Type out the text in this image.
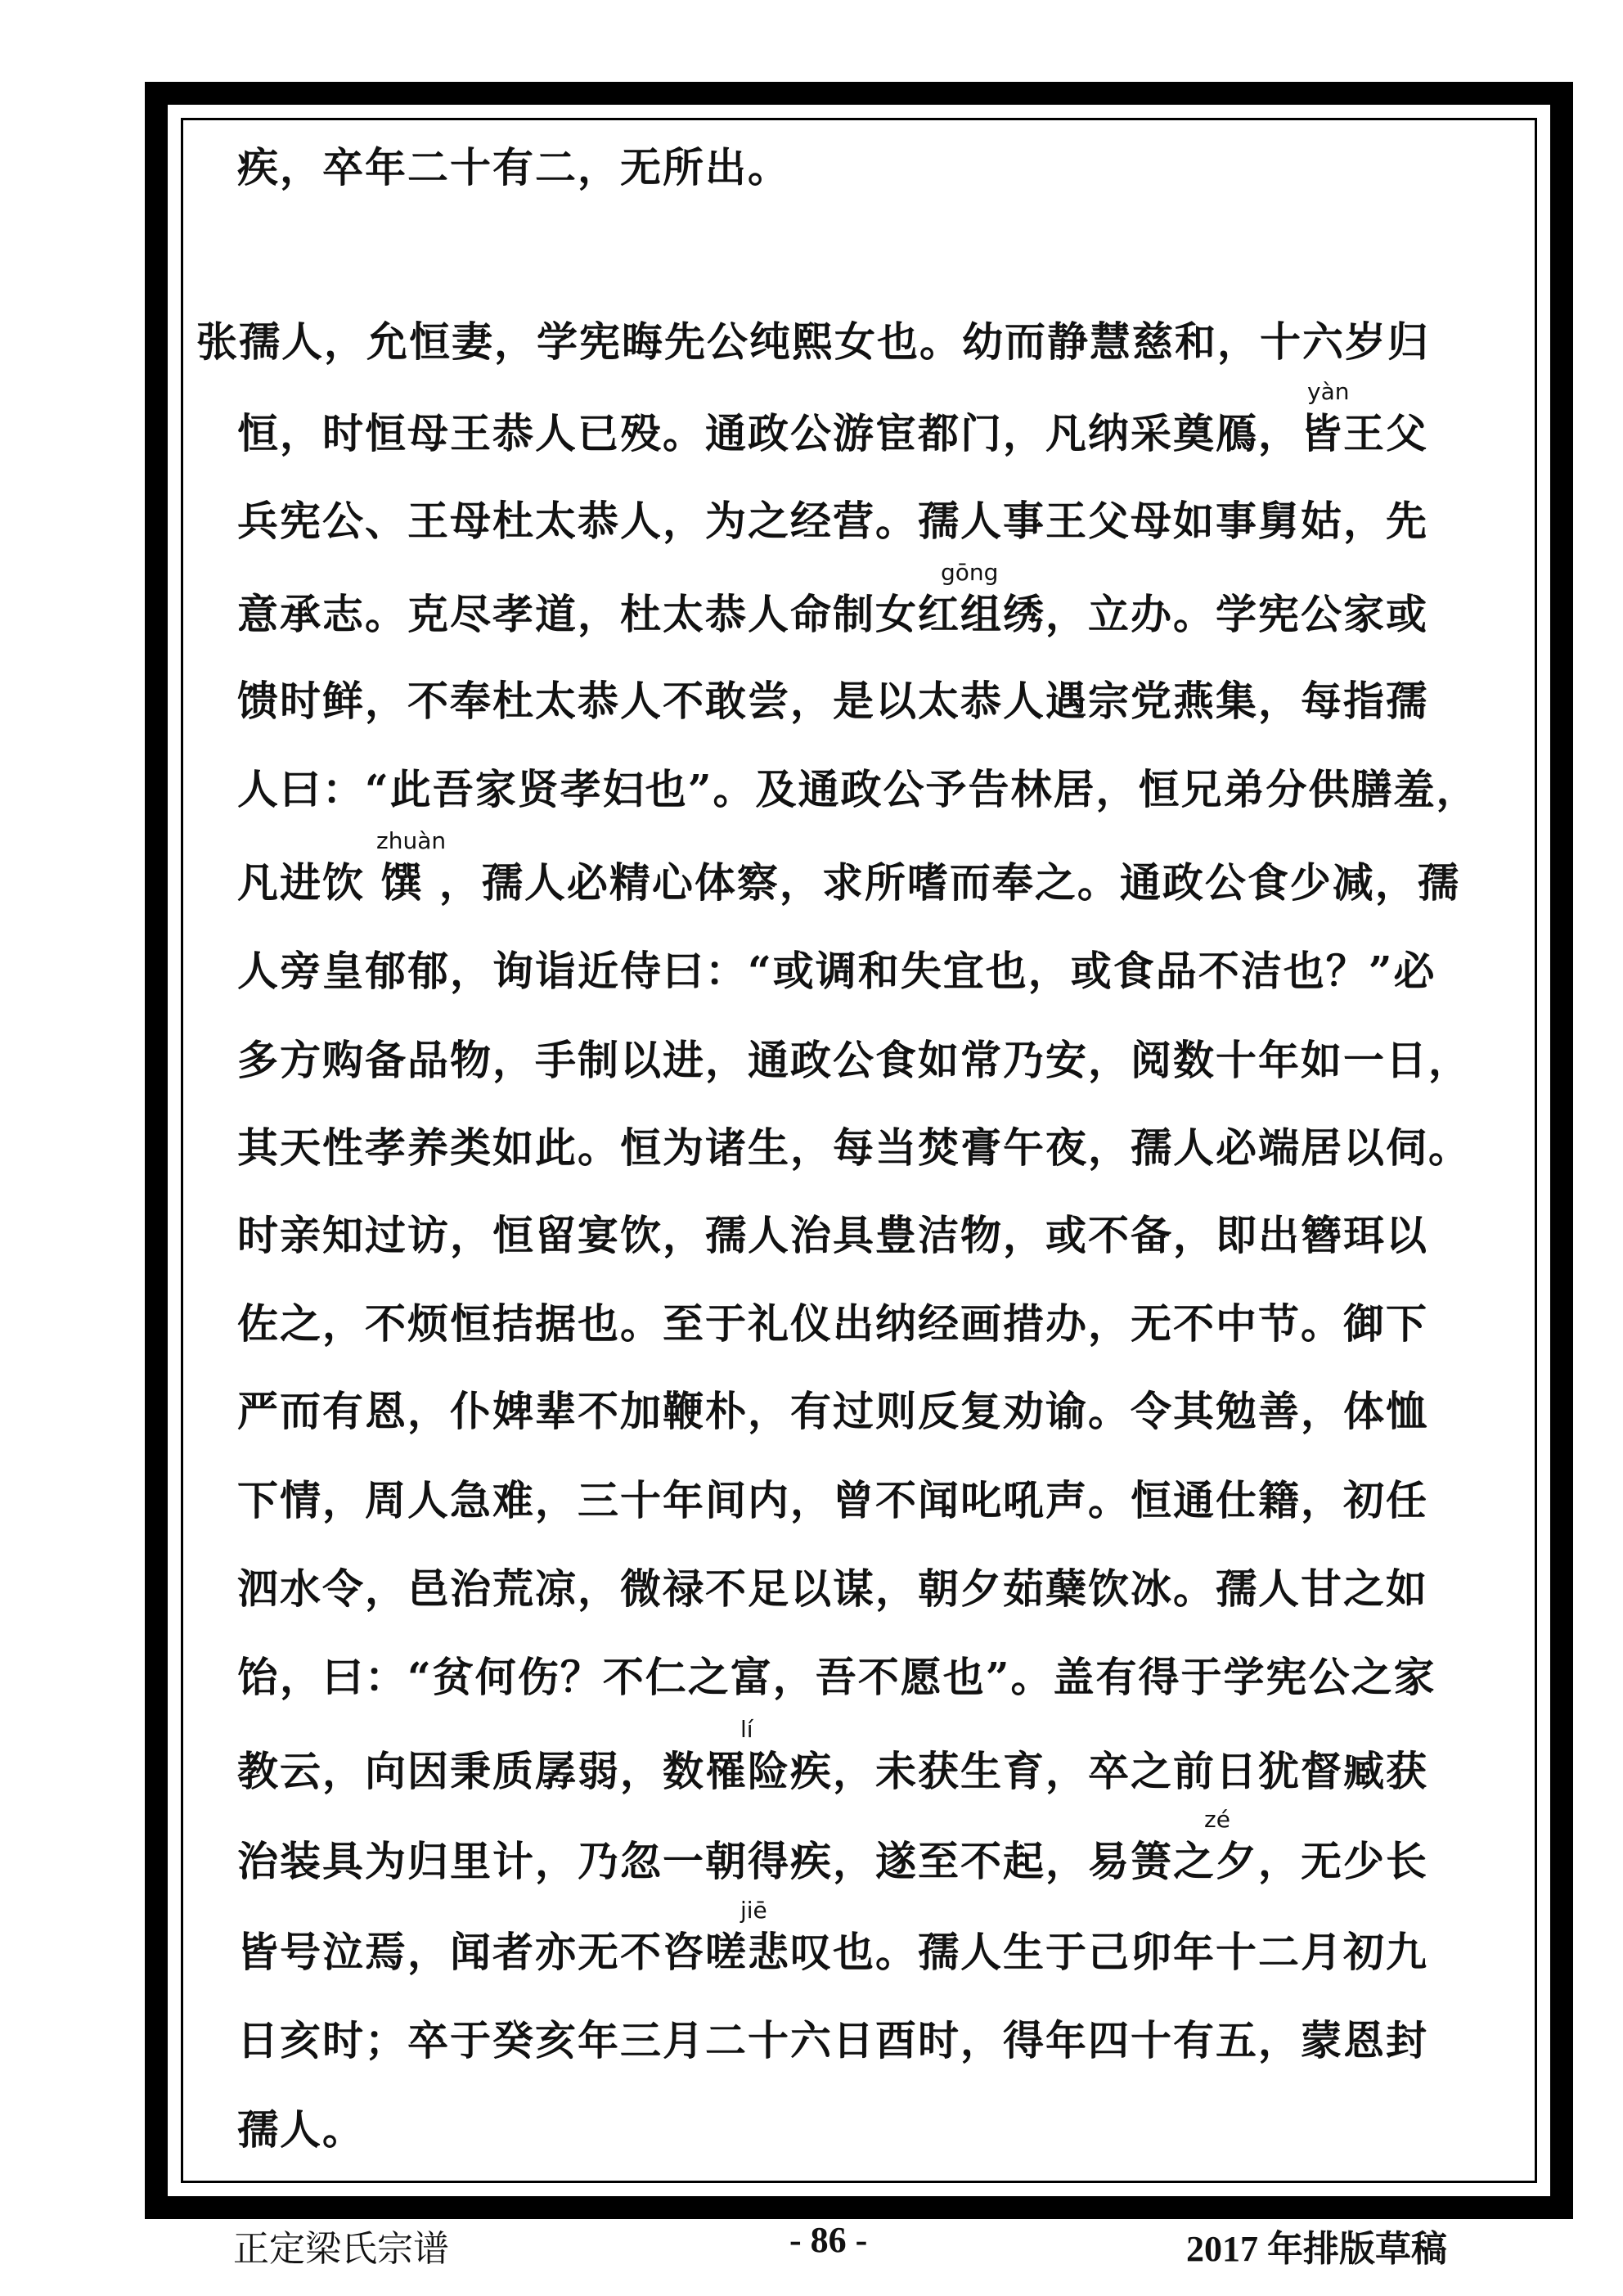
疾，卒年二十有二，无所出。
张孺人，允恒妻，学宪晦先公纯熙女也。幼而静慧慈和，十六岁归
恒，时恒母王恭人已殁。通政公游宦都门，凡纳采奠鴈，皆王父
yàn
兵宪公、王母杜太恭人，为之经营。孺人事王父母如事舅姑，先
意承志。克尽孝道，杜太恭人命制女红组绣，立办。学宪公家或
gōng
馈时鲜，不奉杜太恭人不敢尝，是以太恭人遇宗党燕集，每指孺
人曰：“此吾家贤孝妇也”。及通政公予告林居，恒兄弟分供膳羞，
凡进饮 馔 ，孺人必精心体察，求所嗜而奉之。通政公食少减，孺
zhuàn
人旁皇郁郁，询诣近侍曰：“或调和失宜也，或食品不洁也？”必
多方购备品物，手制以进，通政公食如常乃安，阅数十年如一日，
其天性孝养类如此。恒为诸生，每当焚膏午夜，孺人必端居以伺。
时亲知过访，恒留宴饮，孺人治具豊洁物，或不备，即出簪珥以
佐之，不烦恒拮据也。至于礼仪出纳经画措办，无不中节。御下
严而有恩，仆婢辈不加鞭朴，有过则反复劝谕。令其勉善，体恤
下情，周人急难，三十年间内，曾不闻叱吼声。恒通仕籍，初任
泗水令，邑治荒凉，微禄不足以谋，朝夕茹蘖饮冰。孺人甘之如
饴，曰：“贫何伤？不仁之富，吾不愿也”。盖有得于学宪公之家
教云，向因秉质孱弱，数罹险疾，未获生育，卒之前日犹督臧获
lí
治装具为归里计，乃忽一朝得疾，遂至不起，易箦之夕，无少长
zé
皆号泣焉，闻者亦无不咨嗟悲叹也。孺人生于己卯年十二月初九
jiē
日亥时；卒于癸亥年三月二十六日酉时，得年四十有五，蒙恩封
孺人。
正定梁氏宗谱	- 86 -	2017 年排版草稿
